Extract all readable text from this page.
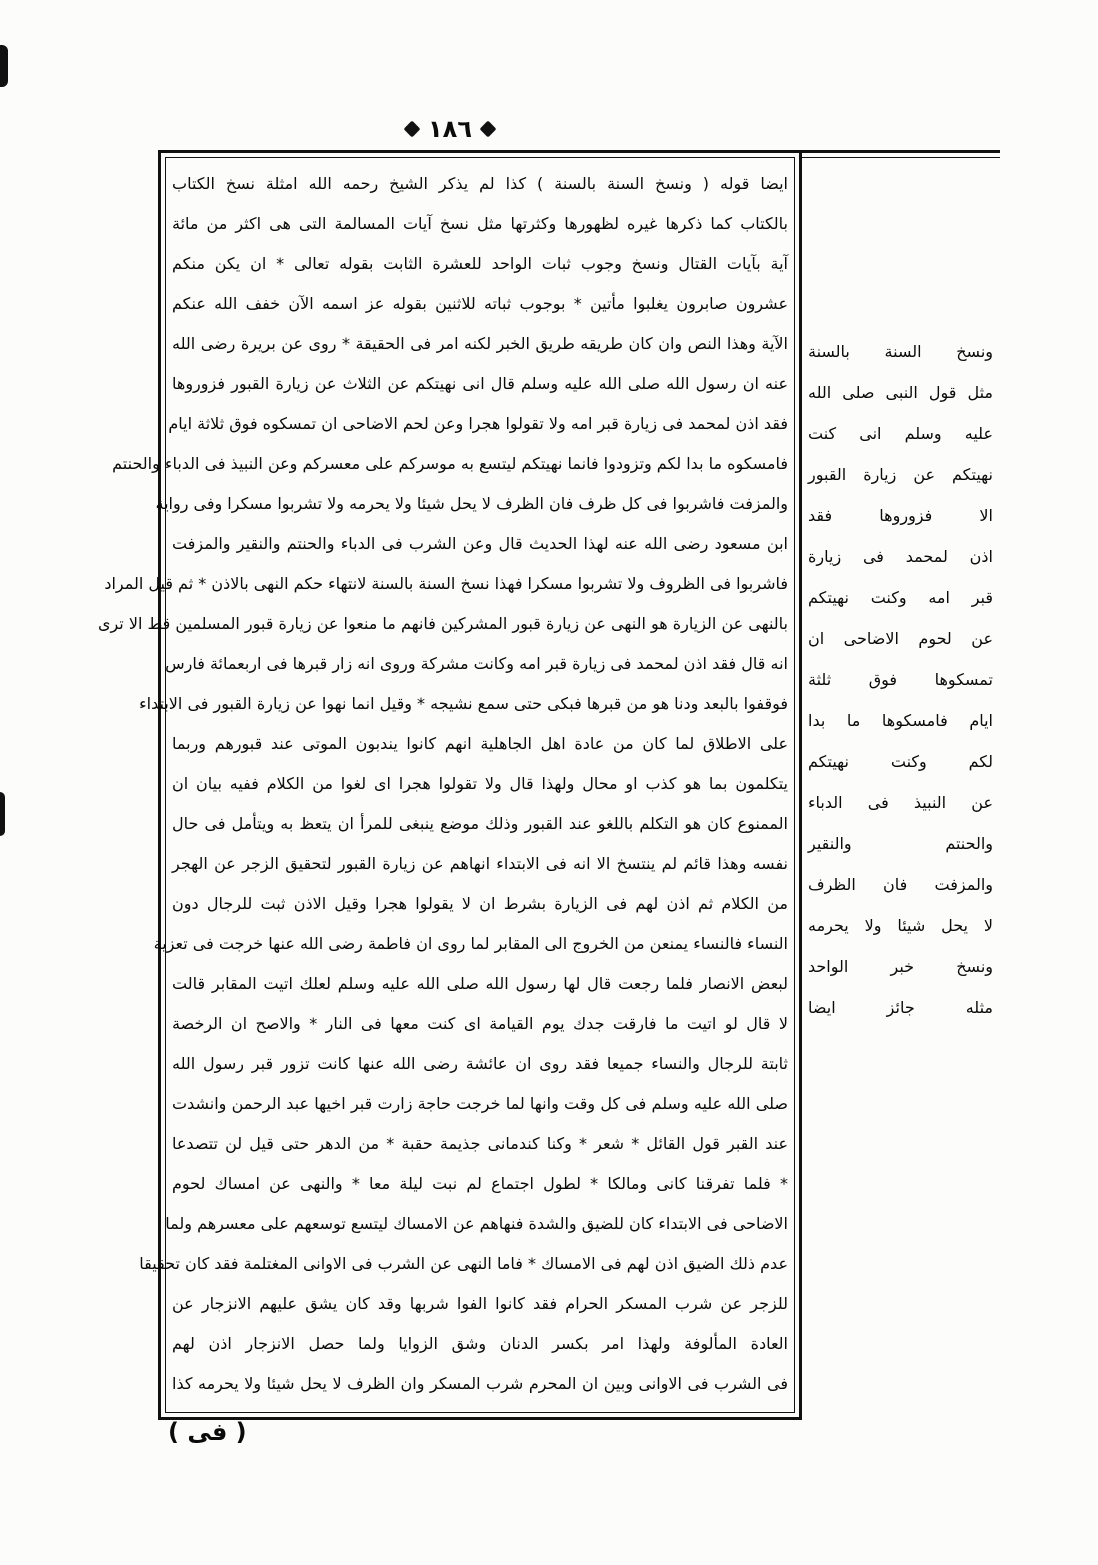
١٨٦
ايضا قوله ( ونسخ السنة بالسنة ) كذا لم يذكر الشيخ رحمه الله امثلة نسخ الكتاب
بالكتاب كما ذكرها غيره لظهورها وكثرتها مثل نسخ آيات المسالمة التى هى اكثر من مائة
آية بآيات القتال ونسخ وجوب ثبات الواحد للعشرة الثابت بقوله تعالى * ان يكن منكم
عشرون صابرون يغلبوا مأتين * بوجوب ثباته للاثنين بقوله عز اسمه الآن خفف الله عنكم
الآية وهذا النص وان كان طريقه طريق الخبر لكنه امر فى الحقيقة * روى عن بريرة رضى الله
عنه ان رسول الله صلى الله عليه وسلم قال انى نهيتكم عن الثلاث عن زيارة القبور فزوروها
فقد اذن لمحمد فى زيارة قبر امه ولا تقولوا هجرا وعن لحم الاضاحى ان تمسكوه فوق ثلاثة ايام
فامسكوه ما بدا لكم وتزودوا فانما نهيتكم ليتسع به موسركم على معسركم وعن النبيذ فى الدباء والحنتم
والمزفت فاشربوا فى كل ظرف فان الظرف لا يحل شيئا ولا يحرمه ولا تشربوا مسكرا وفى رواية
ابن مسعود رضى الله عنه لهذا الحديث قال وعن الشرب فى الدباء والحنتم والنقير والمزفت
فاشربوا فى الظروف ولا تشربوا مسكرا فهذا نسخ السنة بالسنة لانتهاء حكم النهى بالاذن * ثم قيل المراد
بالنهى عن الزيارة هو النهى عن زيارة قبور المشركين فانهم ما منعوا عن زيارة قبور المسلمين قط الا ترى
انه قال فقد اذن لمحمد فى زيارة قبر امه وكانت مشركة وروى انه زار قبرها فى اربعمائة فارس
فوقفوا بالبعد ودنا هو من قبرها فبكى حتى سمع نشيجه * وقيل انما نهوا عن زيارة القبور فى الابتداء
على الاطلاق لما كان من عادة اهل الجاهلية انهم كانوا يندبون الموتى عند قبورهم وربما
يتكلمون بما هو كذب او محال ولهذا قال ولا تقولوا هجرا اى لغوا من الكلام ففيه بيان ان
الممنوع كان هو التكلم باللغو عند القبور وذلك موضع ينبغى للمرأ ان يتعظ به ويتأمل فى حال
نفسه وهذا قائم لم ينتسخ الا انه فى الابتداء انهاهم عن زيارة القبور لتحقيق الزجر عن الهجر
من الكلام ثم اذن لهم فى الزيارة بشرط ان لا يقولوا هجرا وقيل الاذن ثبت للرجال دون
النساء فالنساء يمنعن من الخروج الى المقابر لما روى ان فاطمة رضى الله عنها خرجت فى تعزية
لبعض الانصار فلما رجعت قال لها رسول الله صلى الله عليه وسلم لعلك اتيت المقابر قالت
لا قال لو اتيت ما فارقت جدك يوم القيامة اى كنت معها فى النار * والاصح ان الرخصة
ثابتة للرجال والنساء جميعا فقد روى ان عائشة رضى الله عنها كانت تزور قبر رسول الله
صلى الله عليه وسلم فى كل وقت وانها لما خرجت حاجة زارت قبر اخيها عبد الرحمن وانشدت
عند القبر قول القائل * شعر * وكنا كندمانى جذيمة حقبة * من الدهر حتى قيل لن تتصدعا
* فلما تفرقنا كانى ومالكا * لطول اجتماع لم نبت ليلة معا * والنهى عن امساك لحوم
الاضاحى فى الابتداء كان للضيق والشدة فنهاهم عن الامساك ليتسع توسعهم على معسرهم ولما
عدم ذلك الضيق اذن لهم فى الامساك * فاما النهى عن الشرب فى الاوانى المغتلمة فقد كان تحقيقا
للزجر عن شرب المسكر الحرام فقد كانوا الفوا شربها وقد كان يشق عليهم الانزجار عن
العادة المألوفة ولهذا امر بكسر الدنان وشق الزوايا ولما حصل الانزجار اذن لهم
فى الشرب فى الاوانى وبين ان المحرم شرب المسكر وان الظرف لا يحل شيئا ولا يحرمه كذا
ونسخ السنة بالسنة
مثل قول النبى صلى الله
عليه وسلم انى كنت
نهيتكم عن زيارة القبور
الا فزوروها فقد
اذن لمحمد فى زيارة
قبر امه وكنت نهيتكم
عن لحوم الاضاحى ان
تمسكوها فوق ثلثة
ايام فامسكوها ما بدا
لكم وكنت نهيتكم
عن النبيذ فى الدباء
والحنتم والنقير
والمزفت فان الظرف
لا يحل شيئا ولا يحرمه
ونسخ خبر الواحد
مثله جائز ايضا
( فى )
